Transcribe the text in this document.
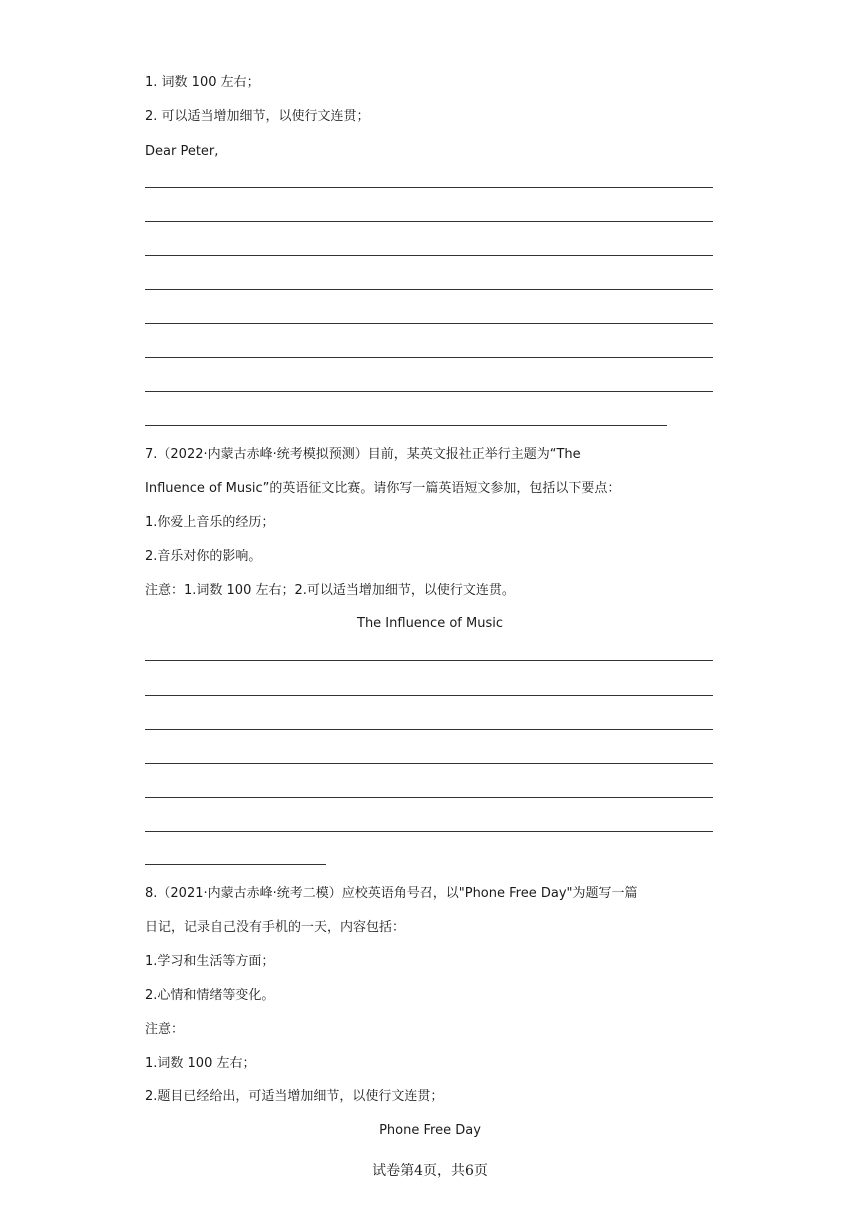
1. 词数 100 左右；
2. 可以适当增加细节，以使行文连贯；
Dear Peter,
7.（2022·内蒙古赤峰·统考模拟预测）目前，某英文报社正举行主题为“The
Influence of Music”的英语征文比赛。请你写一篇英语短文参加，包括以下要点：
1.你爱上音乐的经历；
2.音乐对你的影响。
注意：1.词数 100 左右；2.可以适当增加细节，以使行文连贯。
The Influence of Music
8.（2021·内蒙古赤峰·统考二模）应校英语角号召，以"Phone Free Day"为题写一篇
日记，记录自己没有手机的一天，内容包括：
1.学习和生活等方面；
2.心情和情绪等变化。
注意：
1.词数 100 左右；
2.题目已经给出，可适当增加细节，以使行文连贯；
Phone Free Day
试卷第4页，共6页
